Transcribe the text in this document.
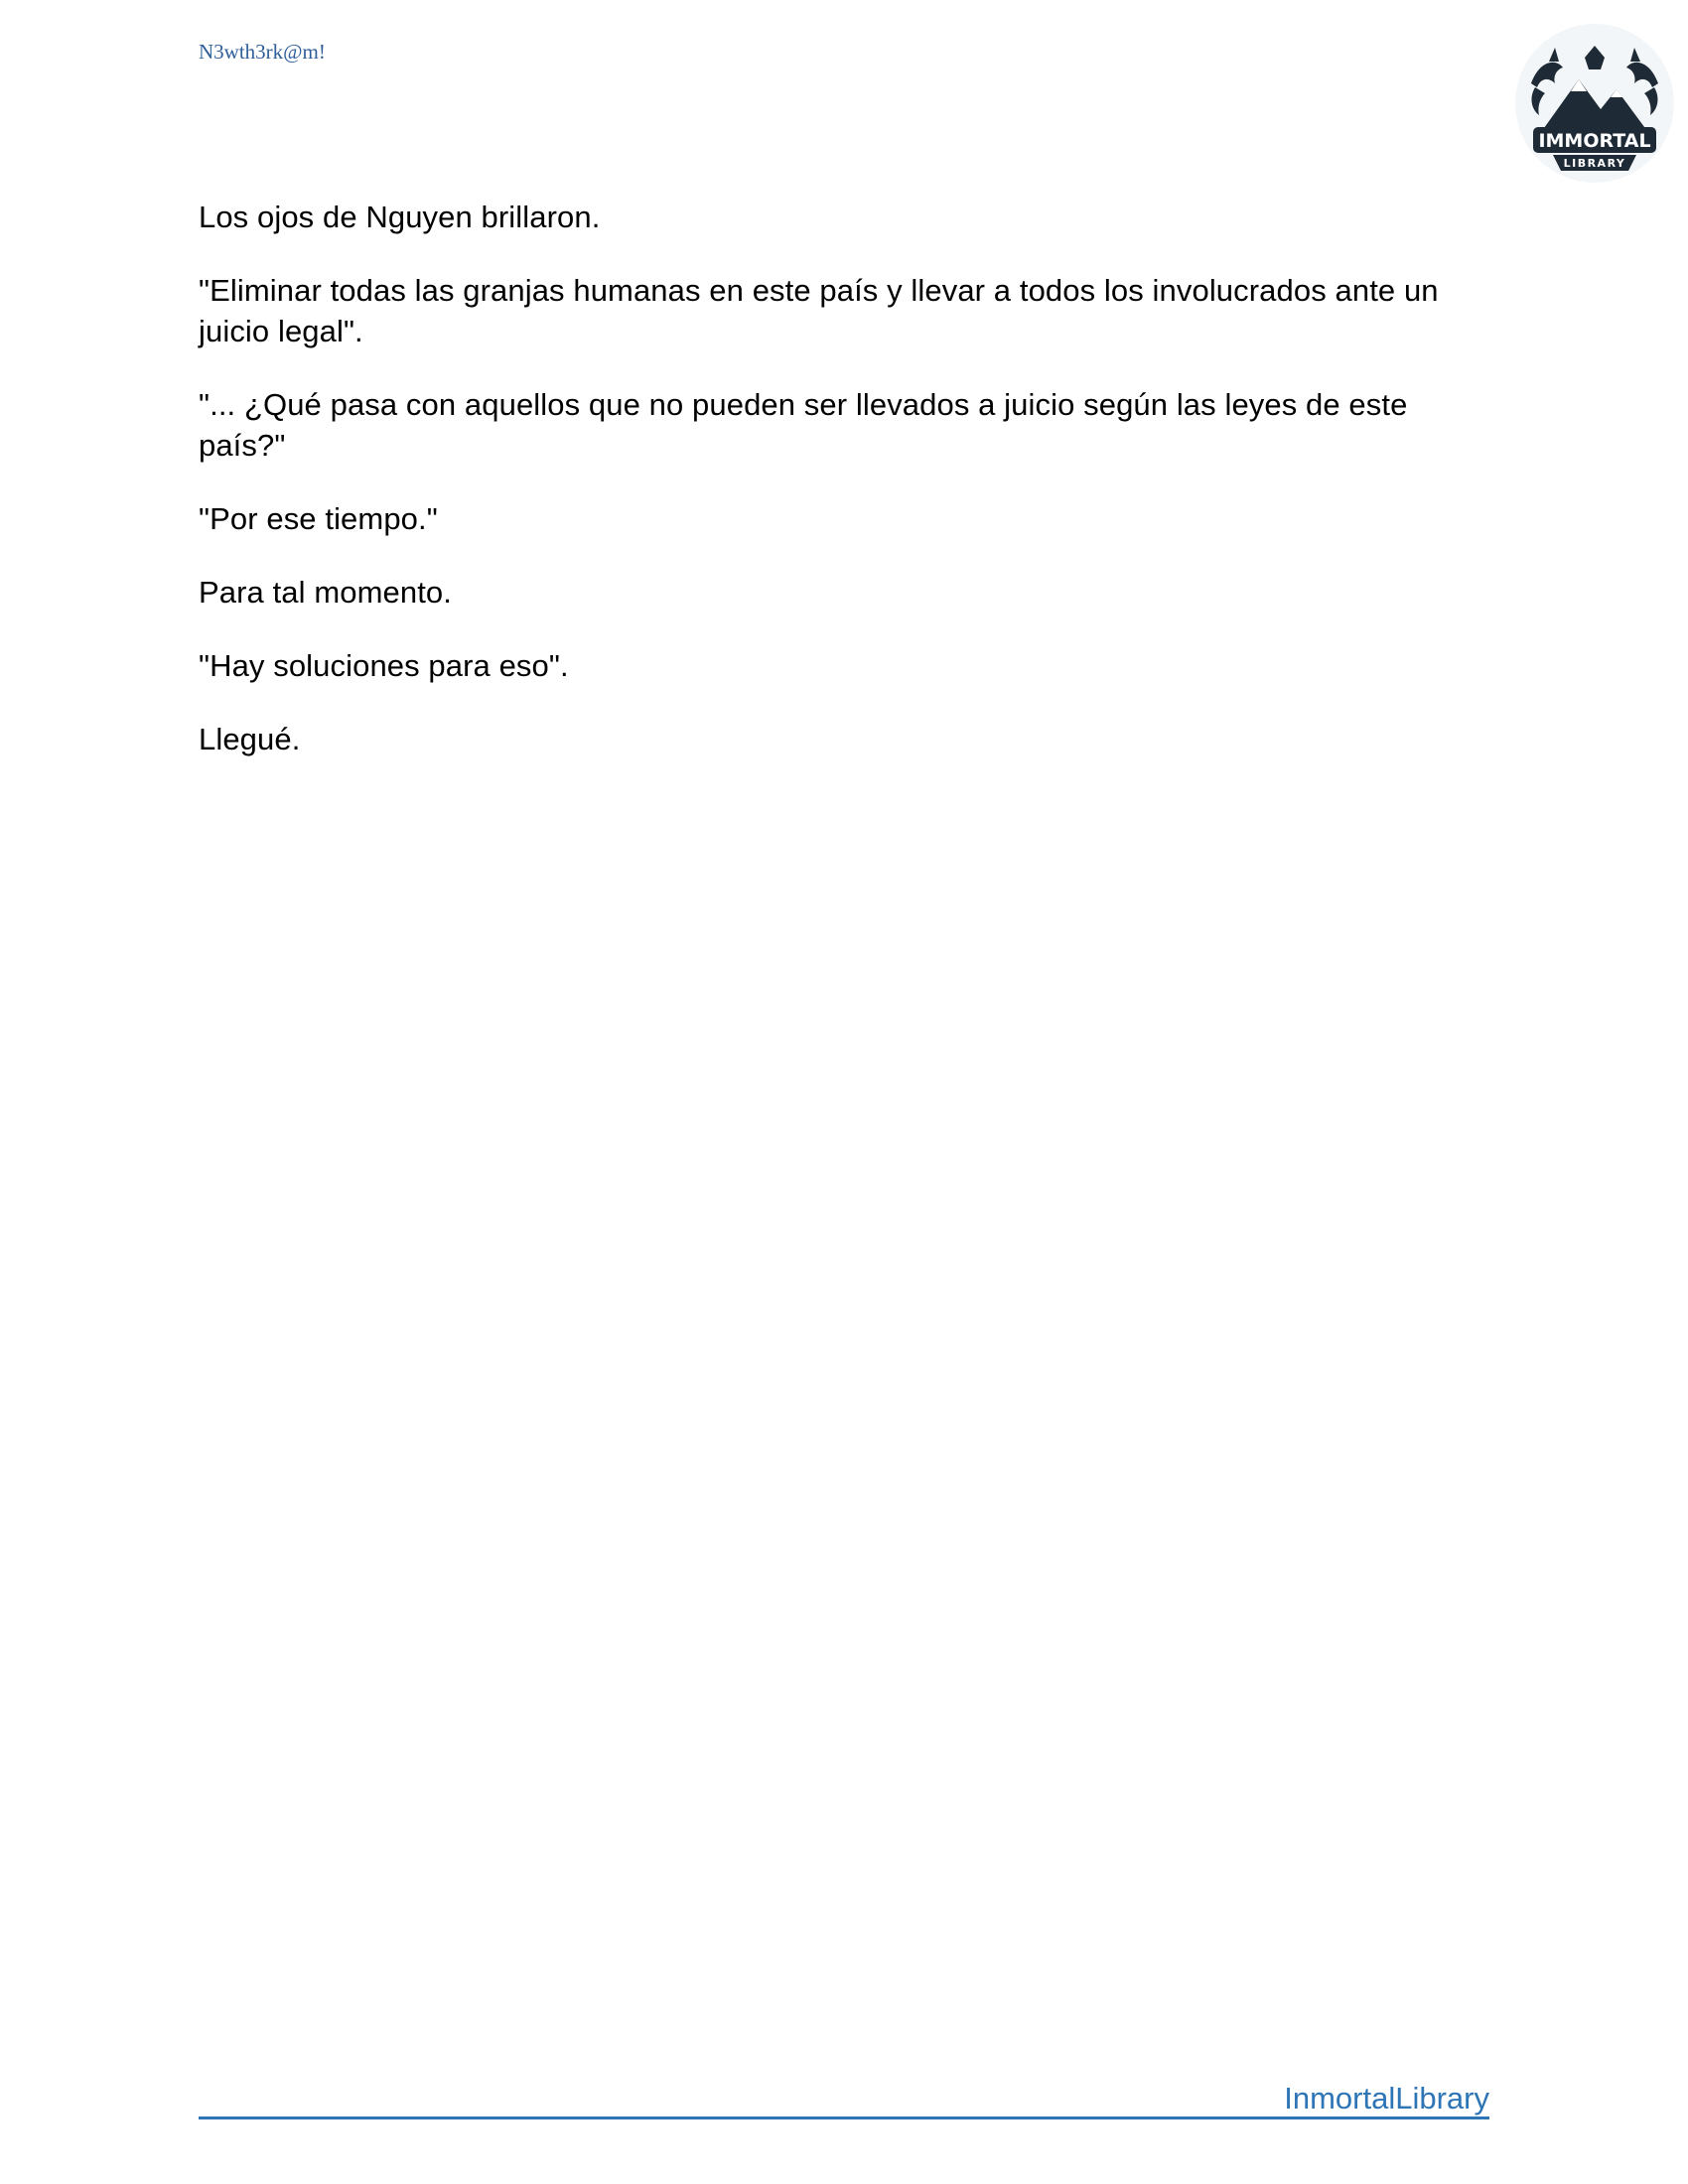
N3wth3rk@m!
IMMORTAL
LIBRARY

Los ojos de Nguyen brillaron.

"Eliminar todas las granjas humanas en este país y llevar a todos los involucrados ante un juicio legal".

"... ¿Qué pasa con aquellos que no pueden ser llevados a juicio según las leyes de este país?"

"Por ese tiempo."

Para tal momento.

"Hay soluciones para eso".

Llegué.

InmortalLibrary
